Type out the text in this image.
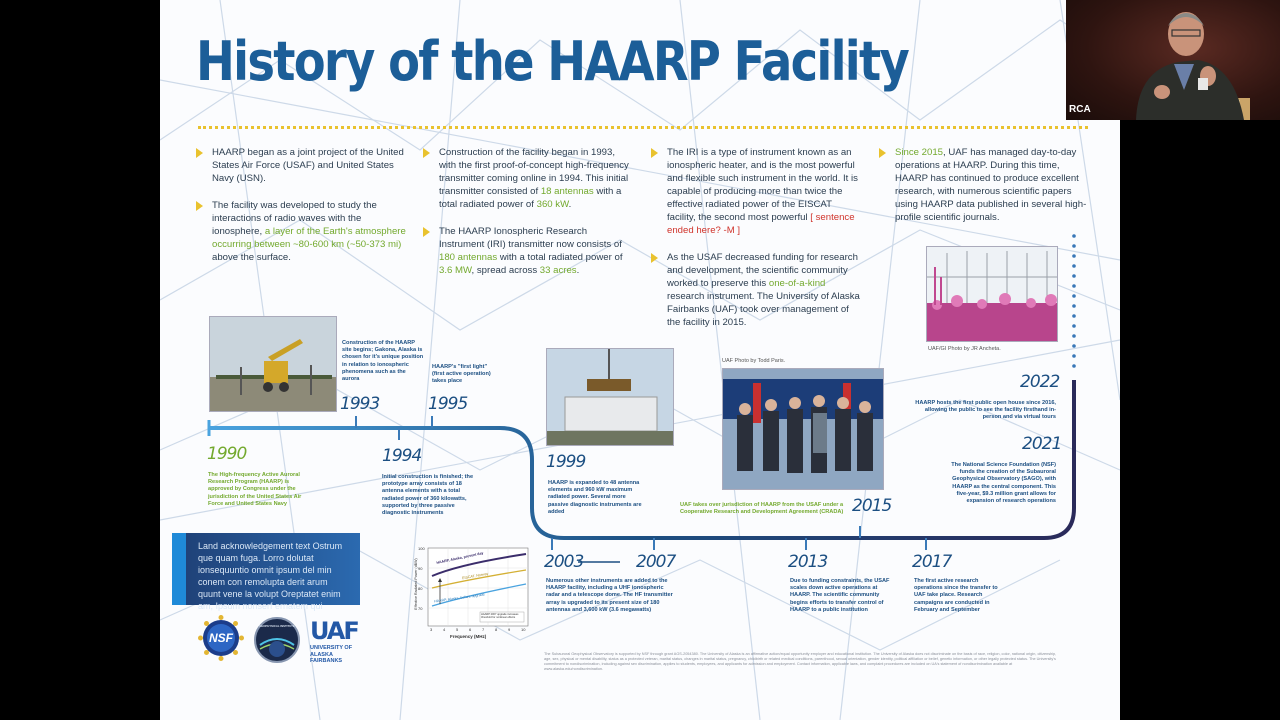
History of the HAARP Facility
HAARP began as a joint project of the United States Air Force (USAF) and United States Navy (USN).
The facility was developed to study the interactions of radio waves with the ionosphere, a layer of the Earth's atmosphere occurring between ~80-600 km (~50-373 mi) above the surface.
Construction of the facility began in 1993, with the first proof-of-concept high-frequency transmitter coming online in 1994. This initial transmitter consisted of 18 antennas with a total radiated power of 360 kW.
The HAARP Ionospheric Research Instrument (IRI) transmitter now consists of 180 antennas with a total radiated power of 3.6 MW, spread across 33 acres.
The IRI is a type of instrument known as an ionospheric heater, and is the most powerful and flexible such instrument in the world. It is capable of producing more than twice the effective radiated power of the EISCAT facility, the second most powerful [ sentence ended here? -M ]
As the USAF decreased funding for research and development, the scientific community worked to preserve this one-of-a-kind research instrument. The University of Alaska Fairbanks (UAF) took over management of the facility in 2015.
Since 2015, UAF has managed day-to-day operations at HAARP. During this time, HAARP has continued to produce excellent research, with numerous scientific papers using HAARP data published in several high-profile scientific journals.
UAF Photo by Todd Paris.
UAF/GI Photo by JR Ancheta.
1990
1993
1994
1995
1999
2003	2007	2013
2015
2017
2021
2022
The High-frequency Active Auroral Research Program (HAARP) is approved by Congress under the jurisdiction of the United States Air Force and United States Navy
Construction of the HAARP site begins; Gakona, Alaska is chosen for it's unique position in relation to ionospheric phenomena such as the aurora
Initial construction is finished; the prototype array consists of 18 antenna elements with a total radiated power of 360 kilowatts, supported by three passive diagnostic instruments
HAARP's "first light" (first active operation) takes place
HAARP is expanded to 48 antenna elements and 960 kW maximum radiated power. Several more passive diagnostic instruments are added
Numerous other instruments are added to the HAARP facility, including a UHF ionospheric radar and a telescope dome. The HF transmitter array is upgraded to its present size of 180 antennas and 3,600 kW (3.6 megawatts)
Due to funding constraints, the USAF scales down active operations at HAARP. The scientific community begins efforts to transfer control of HAARP to a public institution
UAF takes over jurisdiction of HAARP from the USAF under a Cooperative Research and Development Agreement (CRADA)
The first active research operations since the transfer to UAF take place. Research campaigns are conducted in February and September
The National Science Foundation (NSF) funds the creation of the Subauroral Geophysical Observatory (SAGO), with HAARP as the central component. This five-year, $9.3 million grant allows for expansion of research operations
HAARP hosts the first public open house since 2016, allowing the public to see the facility firsthand in-person and via virtual tours
Effective Radiated Power (dBW)
Frequency (MHz)
100
90
80
70
3	4	5	6	7	8	9	10
HAARP, Alaska, present day
EISCAT, Norway
HAARP, Alaska, before upgrade
HAARP 2007 upgrade increases threshold for nonlinear effects
Land acknowledgement text Ostrum que quam fuga. Lorro dolutat ionsequuntio omnit ipsum del min conem con remolupta derit arum quunt vene la volupt Oreptatet enim am, Ipsum nonserf ernatem qui
NSF
GEOPHYSICAL INSTITUTE UAF
UNIVERSITY OF ALASKA FAIRBANKS
The Subauroral Geophysical Observatory is supported by NSF through grant AGS-2054380. The University of Alaska is an affirmative action/equal opportunity employer and educational institution. The University of Alaska does not discriminate on the basis of race, religion, color, national origin, citizenship, age, sex, physical or mental disability, status as a protected veteran, marital status, changes in marital status, pregnancy, childbirth or related medical conditions, parenthood, sexual orientation, gender identity, political affiliation or belief, genetic information, or other legally protected status. The University's commitment to nondiscrimination, including against sex discrimination, applies to students, employees, and applicants for admission and employment. Contact information, applicable laws, and complaint procedures are included on UA's statement of nondiscrimination available at www.alaska.edu/nondiscrimination.
RCA
